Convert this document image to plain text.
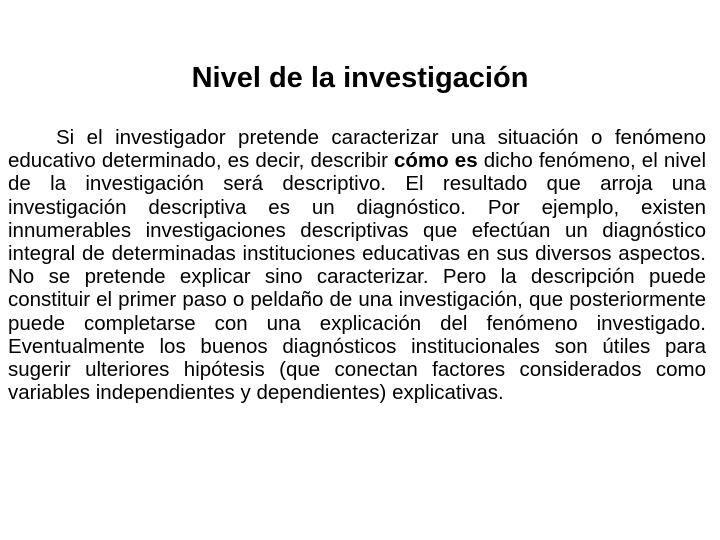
Nivel de la investigación

Si el investigador pretende caracterizar una situación o fenómeno educativo determinado, es decir, describir cómo es dicho fenómeno, el nivel de la investigación será descriptivo. El resultado que arroja una investigación descriptiva es un diagnóstico. Por ejemplo, existen innumerables investigaciones descriptivas que efectúan un diagnóstico integral de determinadas instituciones educativas en sus diversos aspectos. No se pretende explicar sino caracterizar. Pero la descripción puede constituir el primer paso o peldaño de una investigación, que posteriormente puede completarse con una explicación del fenómeno investigado. Eventualmente los buenos diagnósticos institucionales son útiles para sugerir ulteriores hipótesis (que conectan factores considerados como variables independientes y dependientes) explicativas.
